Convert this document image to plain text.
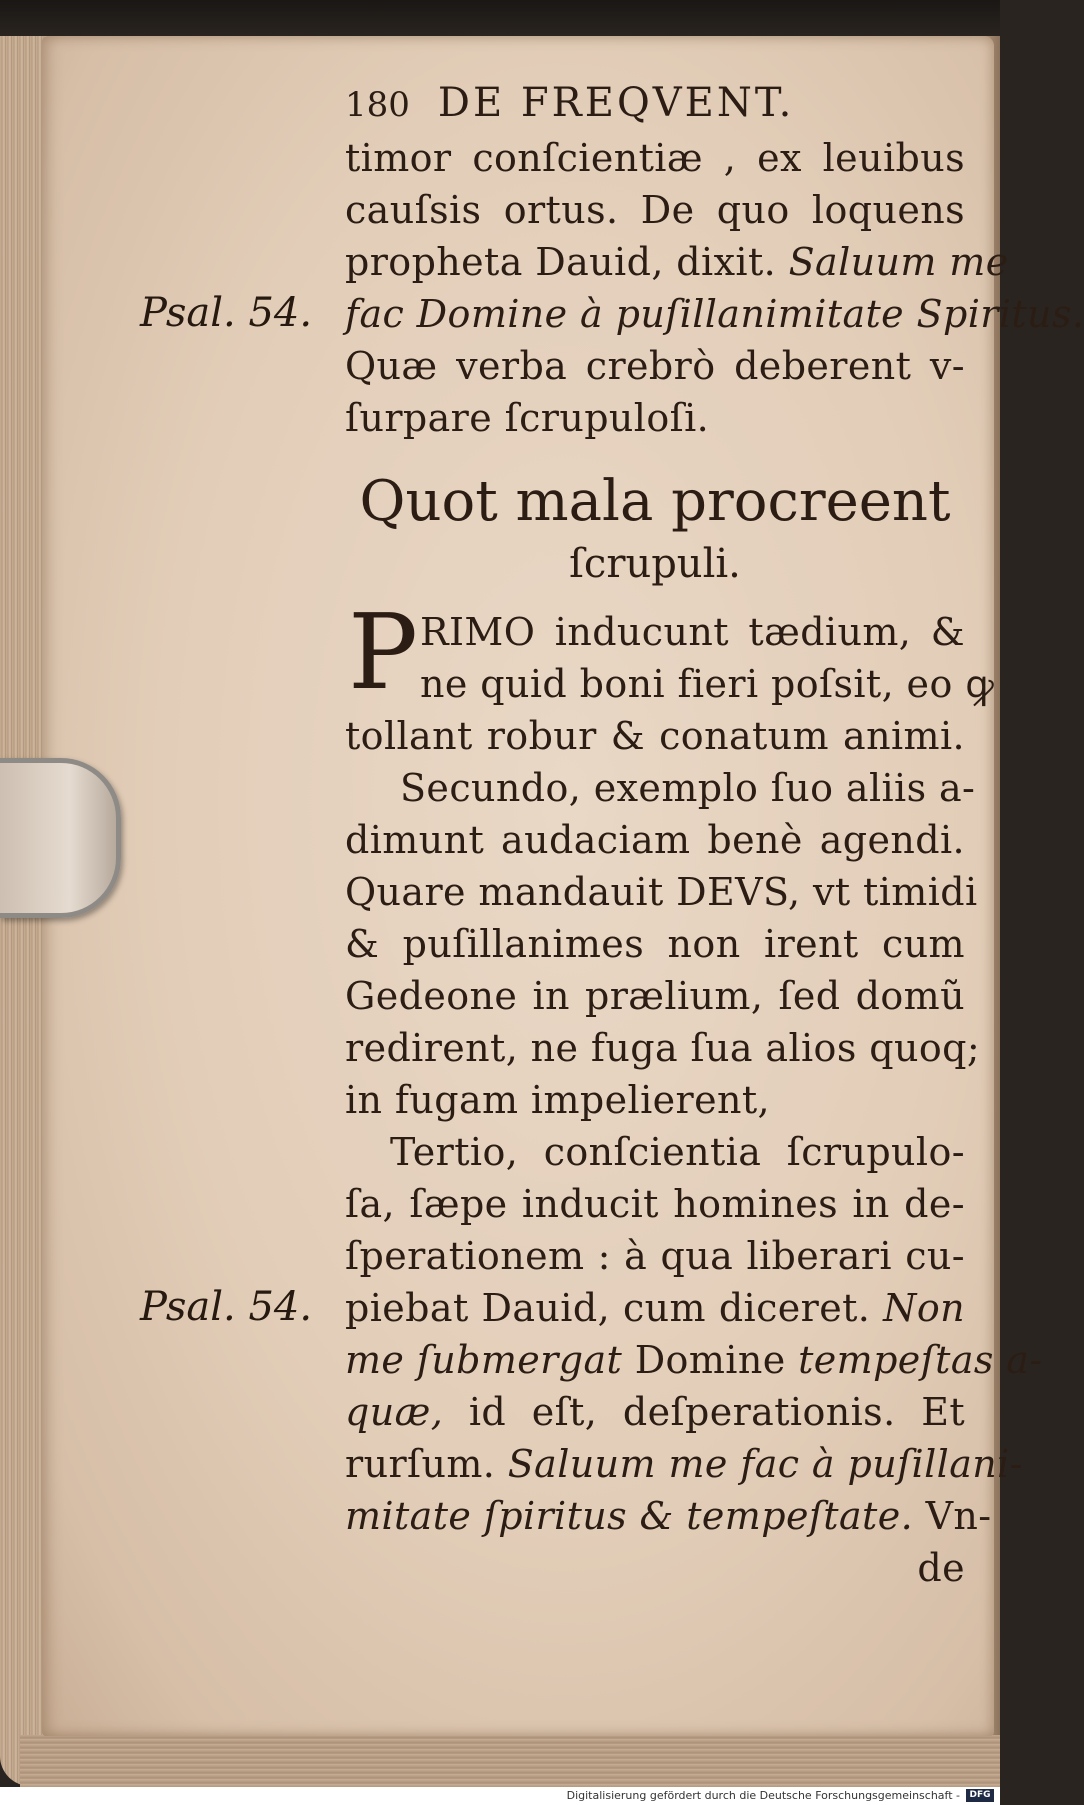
180 DE FREQVENT.
timor conſcientiæ , ex leuibus
cauſsis ortus. De quo loquens
propheta Dauid, dixit. Saluum me
Psal. 54. fac Domine à puſillanimitate Spiritus.
Quæ verba crebrò deberent v-
ſurpare ſcrupuloſi.
Quot mala procreent
ſcrupuli.
P RIMO inducunt tædium, &
ne quid boni fieri poſsit, eo ꝙ
tollant robur & conatum animi.
Secundo, exemplo ſuo aliis a-
dimunt audaciam benè agendi.
Quare mandauit DEVS, vt timidi
& puſillanimes non irent cum
Gedeone in prælium, ſed domũ
redirent, ne fuga ſua alios quoq;
in fugam impelierent,
Tertio, conſcientia ſcrupulo-
ſa, ſæpe inducit homines in de-
ſperationem : à qua liberari cu-
Psal. 54. piebat Dauid, cum diceret. Non
me ſubmergat Domine tempeſtas a-
quæ, id eſt, deſperationis. Et
rurſum. Saluum me fac à puſillani-
mitate ſpiritus & tempeſtate. Vn-
de
Digitalisierung gefördert durch die Deutsche Forschungsgemeinschaft -	DFG
